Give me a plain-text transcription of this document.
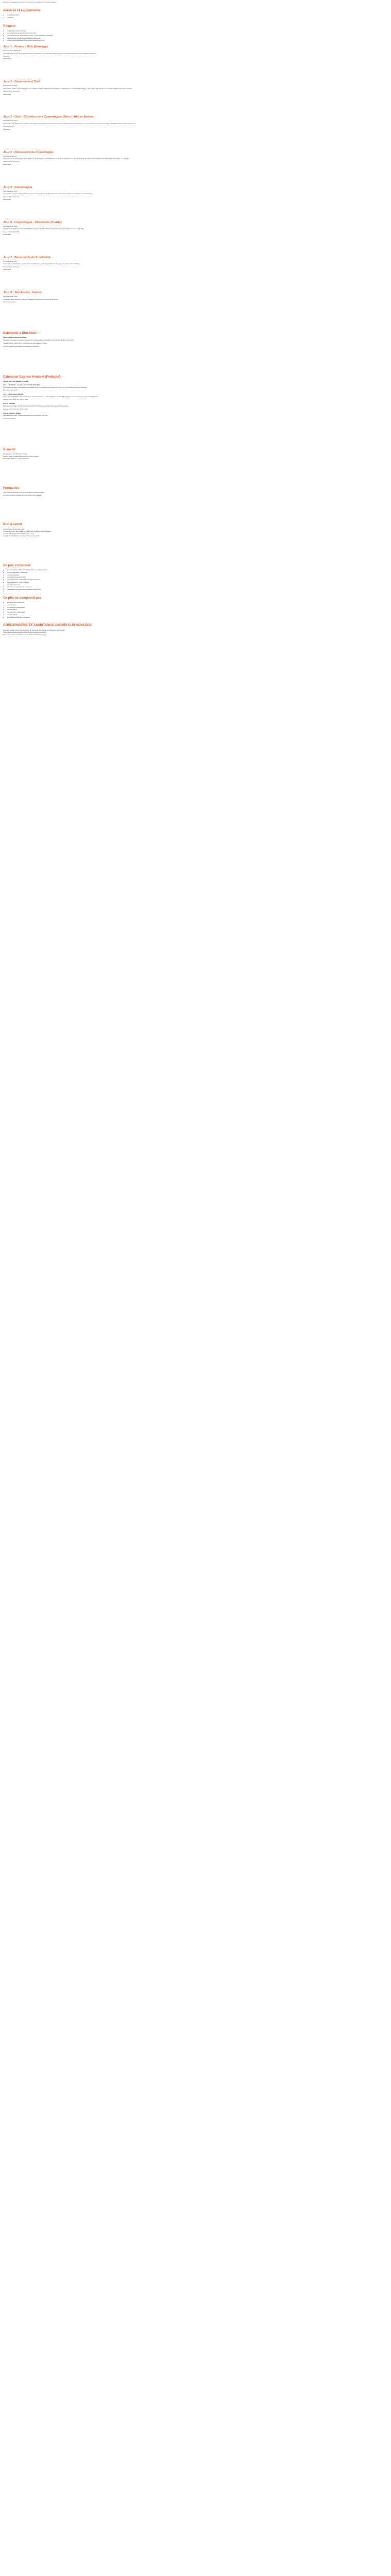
Découvrez ci-dessous le programme à l'issue de ce voyage avec Carrefour Voyages :

Services et équipements
• Guide francophone
• Croisières
Résumé
• 3 vols dans le Nord et les îles
• Les hébergements sélectionnés par nos soins
• Les croisières entre Copenhague et Oslo, et entre Stockholm et Helsinki
• La découverte des plus belles capitales scandinaves
• Le guide accompagnateur francophone durant tout le circuit
Jour 1 : France - Oslo (Norvège)

Envol pour Oslo. Repas libre.

Accueil à l'aéroport par votre guide francophone puis transfert vers votre hôtel. Temps libre pour une première découverte de la capitale norvégienne.

Dîner libre.

Nuit à l'hôtel.

Jour 2 : Découverte d'Oslo

Petit déjeuner à l'hôtel.

Visite guidée d'Oslo : le parc Vigeland et ses sculptures, l'Opéra, l'hôtel de ville, la forteresse d'Akershus et le quartier d'Aker Brygge. L'après-midi, visite du musée des bateaux vikings et du musée du Fram.

Déjeuner libre. Dîner libre.

Nuit à l'hôtel.

Jour 3 : Oslo - Croisière vers Copenhague (Danemark) en bateau

Petit déjeuner à l'hôtel.

Journée libre pour profiter de la capitale à votre rythme. En fin d'après-midi, transfert au port et embarquement à bord du ferry pour une croisière de nuit vers Copenhague. Installation dans les cabines intérieures.

Dîner libre à bord.

Nuit à bord.

Jour 4 : Découverte de Copenhague

Petit déjeuner à bord.

Arrivée au port de Copenhague. Visite guidée du port de Nyhavn, du château d'Amalienborg, de la Petite Sirène et de la Fontaine de Gefion. Après-midi libre pour flâner dans la rue piétonne de Strøget.

Déjeuner libre. Dîner libre.

Nuit à l'hôtel.

Jour 5 : Copenhague

Petit déjeuner à l'hôtel.

Journée libre pour découvrir les châteaux, les musées et les jardins de Tivoli. Excursion optionnelle possible vers le château de Frederiksborg.

Déjeuner libre. Dîner libre.

Nuit à l'hôtel.

Jour 6 : Copenhague - Stockholm (Suède)

Petit déjeuner à l'hôtel.

Transfert vers l'aéroport et vol vers Stockholm. Accueil et transfert à l'hôtel. Temps libre pour une première découverte de la ville.

Déjeuner libre. Dîner libre.

Nuit à l'hôtel.

Jour 7 : Découverte de Stockholm

Petit déjeuner à l'hôtel.

Visite guidée de Stockholm : la vieille ville de Gamla Stan, le palais royal, l'hôtel de ville et le musée Vasa. Après-midi libre.

Déjeuner libre. Dîner libre.

Nuit à l'hôtel.

Jour 8 : Stockholm - France

Petit déjeuner à l'hôtel.

Temps libre selon l'horaire de votre vol. Transfert vers l'aéroport et envol pour la France.

Fin de nos services.

Extension à Stockholm

Séjour libre à Stockholm en 2 nuits

Prolongez votre séjour et profitez de deux nuits supplémentaires à Stockholm pour explorer la ville à votre rythme.

Jour 8 et Jour 9 : séjour libre à Stockholm avec petit déjeuner à l'hôtel.

Jour 10 : transfert vers l'aéroport et envol pour la France.

Extension Cap sur Helsinki (Finlande)

Cap sur Helsinki (Finlande) en 3 nuits

Jour 8 : Stockholm - Croisière vers Helsinki (Finlande)

Petit déjeuner à l'hôtel. Journée libre puis transfert au port et embarquement à bord d'un ferry pour une croisière de nuit vers Helsinki.

Dîner libre. Nuit à bord.

Jour 9 : Découverte d'Helsinki

Arrivée au port d'Helsinki. Visite guidée de la capitale finlandaise : la place du Sénat, la cathédrale, l'église creusée dans le roc et le monument Sibelius.

Déjeuner libre. Dîner libre. Nuit à l'hôtel.

Jour 10 : Helsinki

Petit déjeuner à l'hôtel. Journée libre pour découvrir la forteresse de Suomenlinna ou le marché couvert.

Déjeuner libre. Dîner libre. Nuit à l'hôtel.

Jour 11 : Helsinki - France

Petit déjeuner à l'hôtel. Transfert vers l'aéroport et envol pour la France.

Fin de nos services.

À savoir

Hébergement : Circuit 8 jours / 7 nuits.

Hôtels 3 étoiles et cabines intérieures lors de la croisière.

Durée de la croisière : environ 17 heures.

Formalités

Carte nationale d'identité en cours de validité ou passeport valide.

Les mineurs doivent voyager avec leur propre pièce d'identité.

Bon à savoir

Les pourboires ne sont pas inclus.

Le programme peut être modifié en fonction des conditions météorologiques.

Les vols intérieurs peuvent comporter une escale.

Le guide accompagnateur est présent du jour 1 au jour 8.

Ce prix comprend
• Les vols France - Oslo et Stockholm - France sur vols réguliers
• Le vol Copenhague - Stockholm
• Les taxes aéroport
• Les transferts aéroport / hôtel
• La croisière Oslo - Copenhague en cabine intérieure
• L'hébergement en hôtels 3 étoiles
• Les petits déjeuners
• Les visites mentionnées au programme
• L'assistance d'un guide accompagnateur francophone
Ce prix ne comprend pas
• Les repas non mentionnés
• Les boissons
• Les dépenses personnelles
• Les pourboires
• Les excursions optionnelles
• Les assurances
• Le supplément chambre individuelle
CONCIERGERIE ET ASSISTANCE CARREFOUR VOYAGES

Carrefour Voyages met à votre disposition un service de conciergerie pour organiser votre voyage.

Notre équipe vous accompagne avant, pendant et après votre séjour.

Pour toute question, contactez le service client de Carrefour Voyages.
